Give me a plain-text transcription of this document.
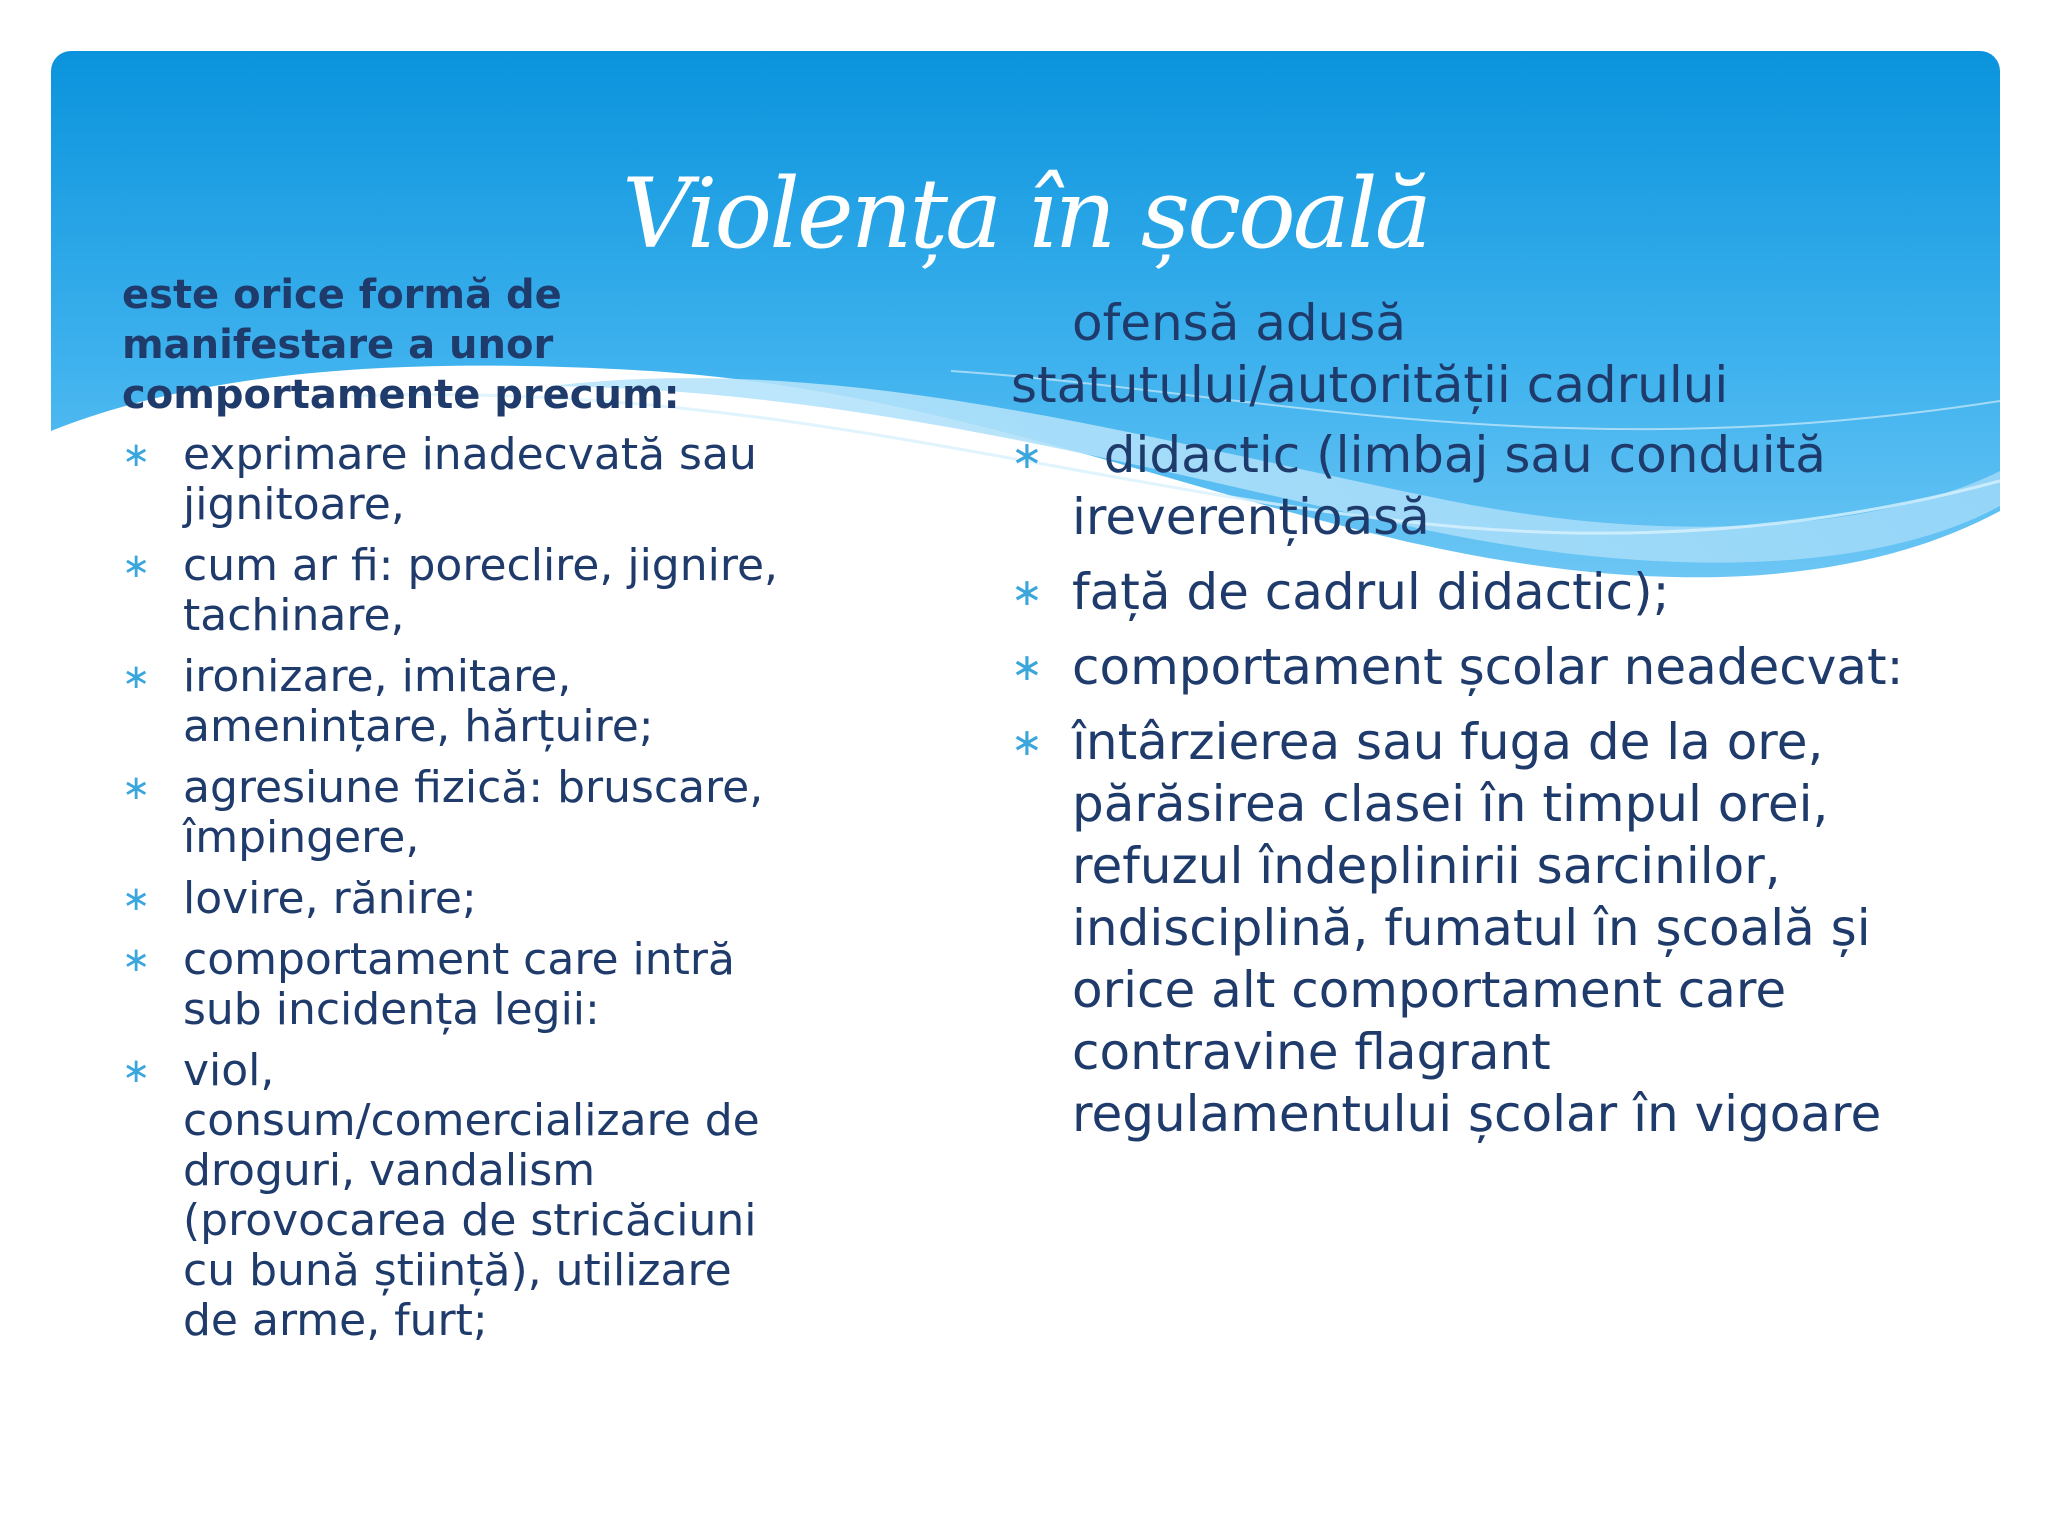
Violența în școală

este orice formă de
manifestare a unor
comportamente precum:

∗ exprimare inadecvată sau jignitoare,
∗ cum ar fi: poreclire, jignire, tachinare,
∗ ironizare, imitare, amenințare, hărțuire;
∗ agresiune fizică: bruscare, împingere,
∗ lovire, rănire;
∗ comportament care intră sub incidența legii:
∗ viol, consum/comercializare de droguri, vandalism (provocarea de stricăciuni cu bună știință), utilizare de arme, furt;

ofensă adusă
statutului/autorității cadrului

∗ didactic (limbaj sau conduită ireverențioasă
∗ față de cadrul didactic);
∗ comportament școlar neadecvat:
∗ întârzierea sau fuga de la ore, părăsirea clasei în timpul orei, refuzul îndeplinirii sarcinilor, indisciplină, fumatul în școală și orice alt comportament care contravine flagrant regulamentului școlar în vigoare
